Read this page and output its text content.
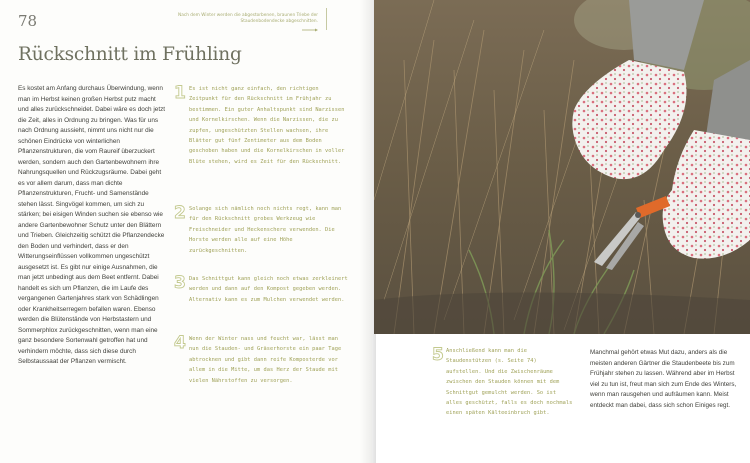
78	Nach dem Winter werden die abgestorbenen, braunen Triebe der Staudenbodendecke abgeschnitten.
Rückschnitt im Frühling

Es kostet am Anfang durchaus Überwindung, wenn man im Herbst keinen großen Herbst putz macht und alles zurückschneidet. Dabei wäre es doch jetzt die Zeit, alles in Ordnung zu bringen. Was für uns nach Ordnung aussieht, nimmt uns nicht nur die schönen Eindrücke von winterlichen Pflanzenstrukturen, die vom Raureif überzuckert werden, sondern auch den Gartenbewohnern ihre Nahrungsquellen und Rückzugsräume. Dabei geht es vor allem darum, dass man dichte Pflanzenstrukturen, Frucht- und Samenstände stehen lässt. Singvögel kommen, um sich zu stärken; bei eisigen Winden suchen sie ebenso wie andere Gartenbewohner Schutz unter den Blättern und Trieben. Gleichzeitig schützt die Pflanzendecke den Boden und verhindert, dass er den Witterungseinflüssen vollkommen ungeschützt ausgesetzt ist. Es gibt nur einige Ausnahmen, die man jetzt unbedingt aus dem Beet entfernt. Dabei handelt es sich um Pflanzen, die im Laufe des vergangenen Gartenjahres stark von Schädlingen oder Krankheitserregern befallen waren. Ebenso werden die Blütenstände von Herbstastern und Sommerphlox zurückgeschnitten, wenn man eine ganz besondere Sortenwahl getroffen hat und verhindern möchte, dass sich diese durch Selbstaussaat der Pflanzen vermischt.

1 Es ist nicht ganz einfach, den richtigen Zeitpunkt für den Rückschnitt im Frühjahr zu bestimmen. Ein guter Anhaltspunkt sind Narzissen und Kornelkirschen. Wenn die Narzissen, die zu zupfen, ungeschützten Stellen wachsen, ihre Blätter gut fünf Zentimeter aus dem Boden geschoben haben und die Kornelkirschen in voller Blüte stehen, wird es Zeit für den Rückschnitt.

2 Solange sich nämlich noch nichts regt, kann man für den Rückschnitt grobes Werkzeug wie Freischneider und Heckenschere verwenden. Die Horste werden alle auf eine Höhe zurückgeschnitten.

3 Das Schnittgut kann gleich noch etwas zerkleinert werden und dann auf den Kompost gegeben werden. Alternativ kann es zum Mulchen verwendet werden.

4 Wenn der Winter nass und feucht war, lässt man nun die Stauden- und Gräserhorste ein paar Tage abtrocknen und gibt dann reife Komposterde vor allem in die Mitte, um das Herz der Staude mit vielen Nährstoffen zu versorgen.

5 Anschließend kann man die Staudenstützen (s. Seite 74) aufstellen. Und die Zwischenräume zwischen den Stauden können mit dem Schnittgut gemulcht werden. So ist alles geschützt, falls es doch nochmals einen späten Kälteeinbruch gibt.

Manchmal gehört etwas Mut dazu, anders als die meisten anderen Gärtner die Staudenbeete bis zum Frühjahr stehen zu lassen. Während aber im Herbst viel zu tun ist, freut man sich zum Ende des Winters, wenn man rausgehen und aufräumen kann. Meist entdeckt man dabei, dass sich schon Einiges regt.
